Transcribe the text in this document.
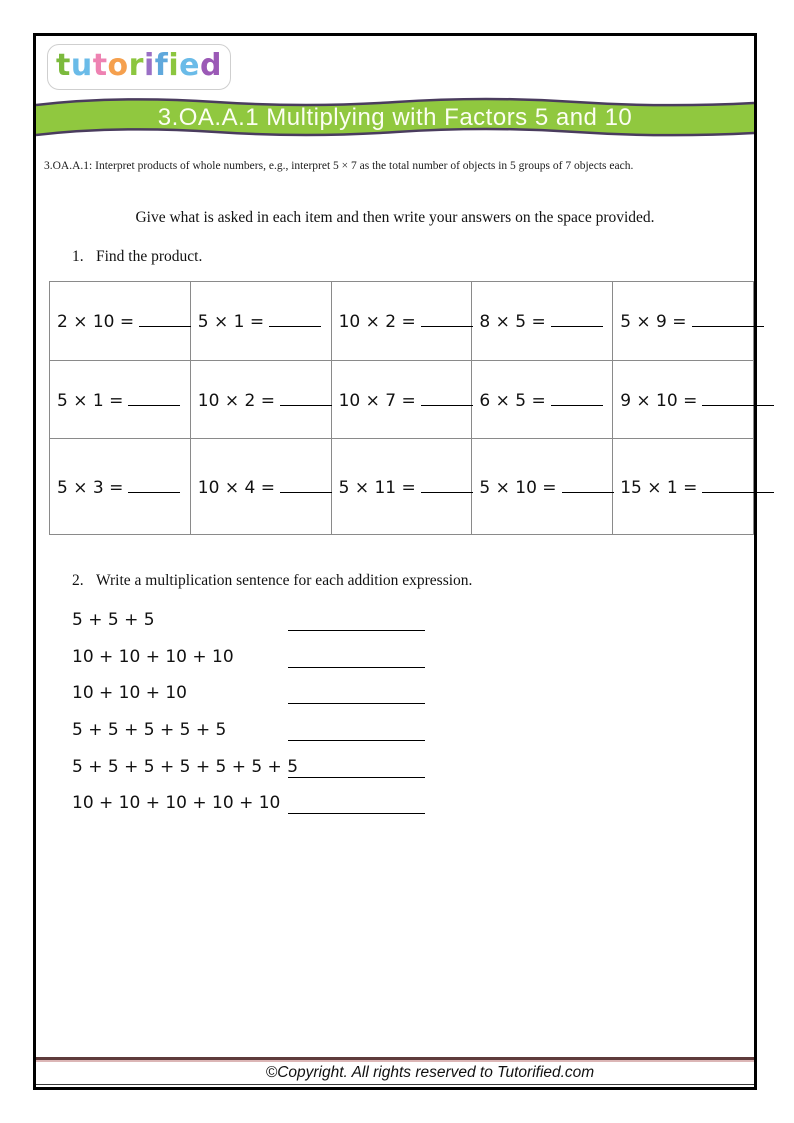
t u t o r i f i e d
3.OA.A.1 Multiplying with Factors 5 and 10
3.OA.A.1: Interpret products of whole numbers, e.g., interpret 5 × 7 as the total number of objects in 5 groups of 7 objects each.
Give what is asked in each item and then write your answers on the space provided.
1. Find the product.
2 × 10 =	5 × 1 =	10 × 2 =	8 × 5 =	5 × 9 =
5 × 1 =	10 × 2 =	10 × 7 =	6 × 5 =	9 × 10 =
5 × 3 =	10 × 4 =	5 × 11 =	5 × 10 =	15 × 1 =
2. Write a multiplication sentence for each addition expression.
5 + 5 + 5
10 + 10 + 10 + 10
10 + 10 + 10
5 + 5 + 5 + 5 + 5
5 + 5 + 5 + 5 + 5 + 5 + 5
10 + 10 + 10 + 10 + 10
©Copyright. All rights reserved to Tutorified.com
